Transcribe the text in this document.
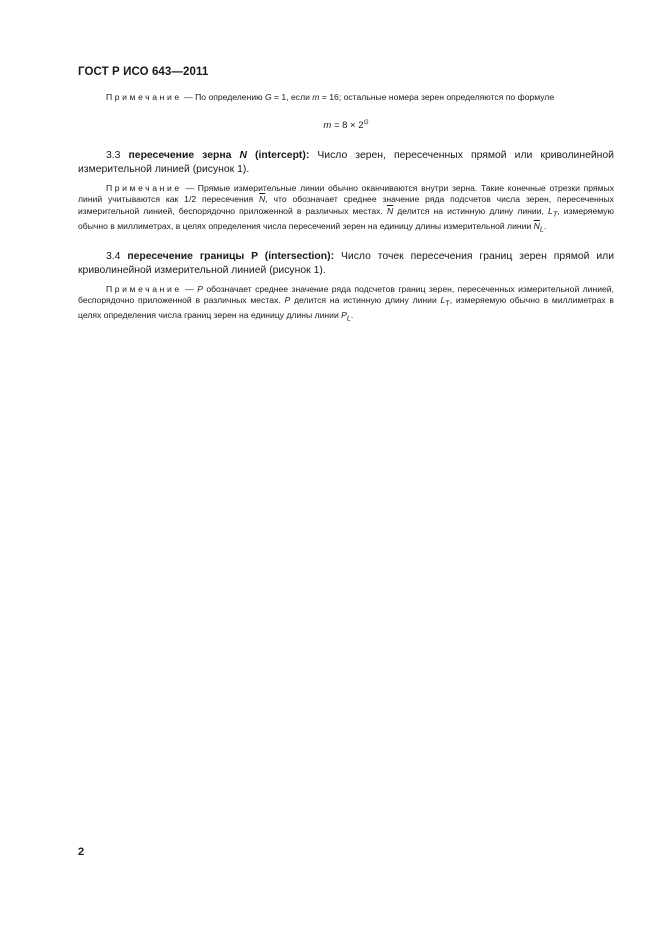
ГОСТ Р ИСО 643—2011

Примечание — По определению G = 1, если m = 16; остальные номера зерен определяются по формуле

$m = 8 \times 2^G$

3.3 пересечение зерна N (intercept): Число зерен, пересеченных прямой или криволинейной измерительной линией (рисунок 1).

Примечание — Прямые измерительные линии обычно оканчиваются внутри зерна. Такие конечные отрезки прямых линий учитываются как 1/2 пересечения $\overline{N}$, что обозначает среднее значение ряда подсчетов числа зерен, пересеченных измерительной линией, беспорядочно приложенной в различных местах. $\overline{N}$ делится на истинную длину линии, $L_T$, измеряемую обычно в миллиметрах, в целях определения числа пересечений зерен на единицу длины измерительной линии $\overline{N}_L$.

3.4 пересечение границы P (intersection): Число точек пересечения границ зерен прямой или криволинейной измерительной линией (рисунок 1).

Примечание — P обозначает среднее значение ряда подсчетов границ зерен, пересеченных измерительной линией, беспорядочно приложенной в различных местах. P делится на истинную длину линии $L_T$, измеряемую обычно в миллиметрах в целях определения числа границ зерен на единицу длины линии $P_L$.

2
